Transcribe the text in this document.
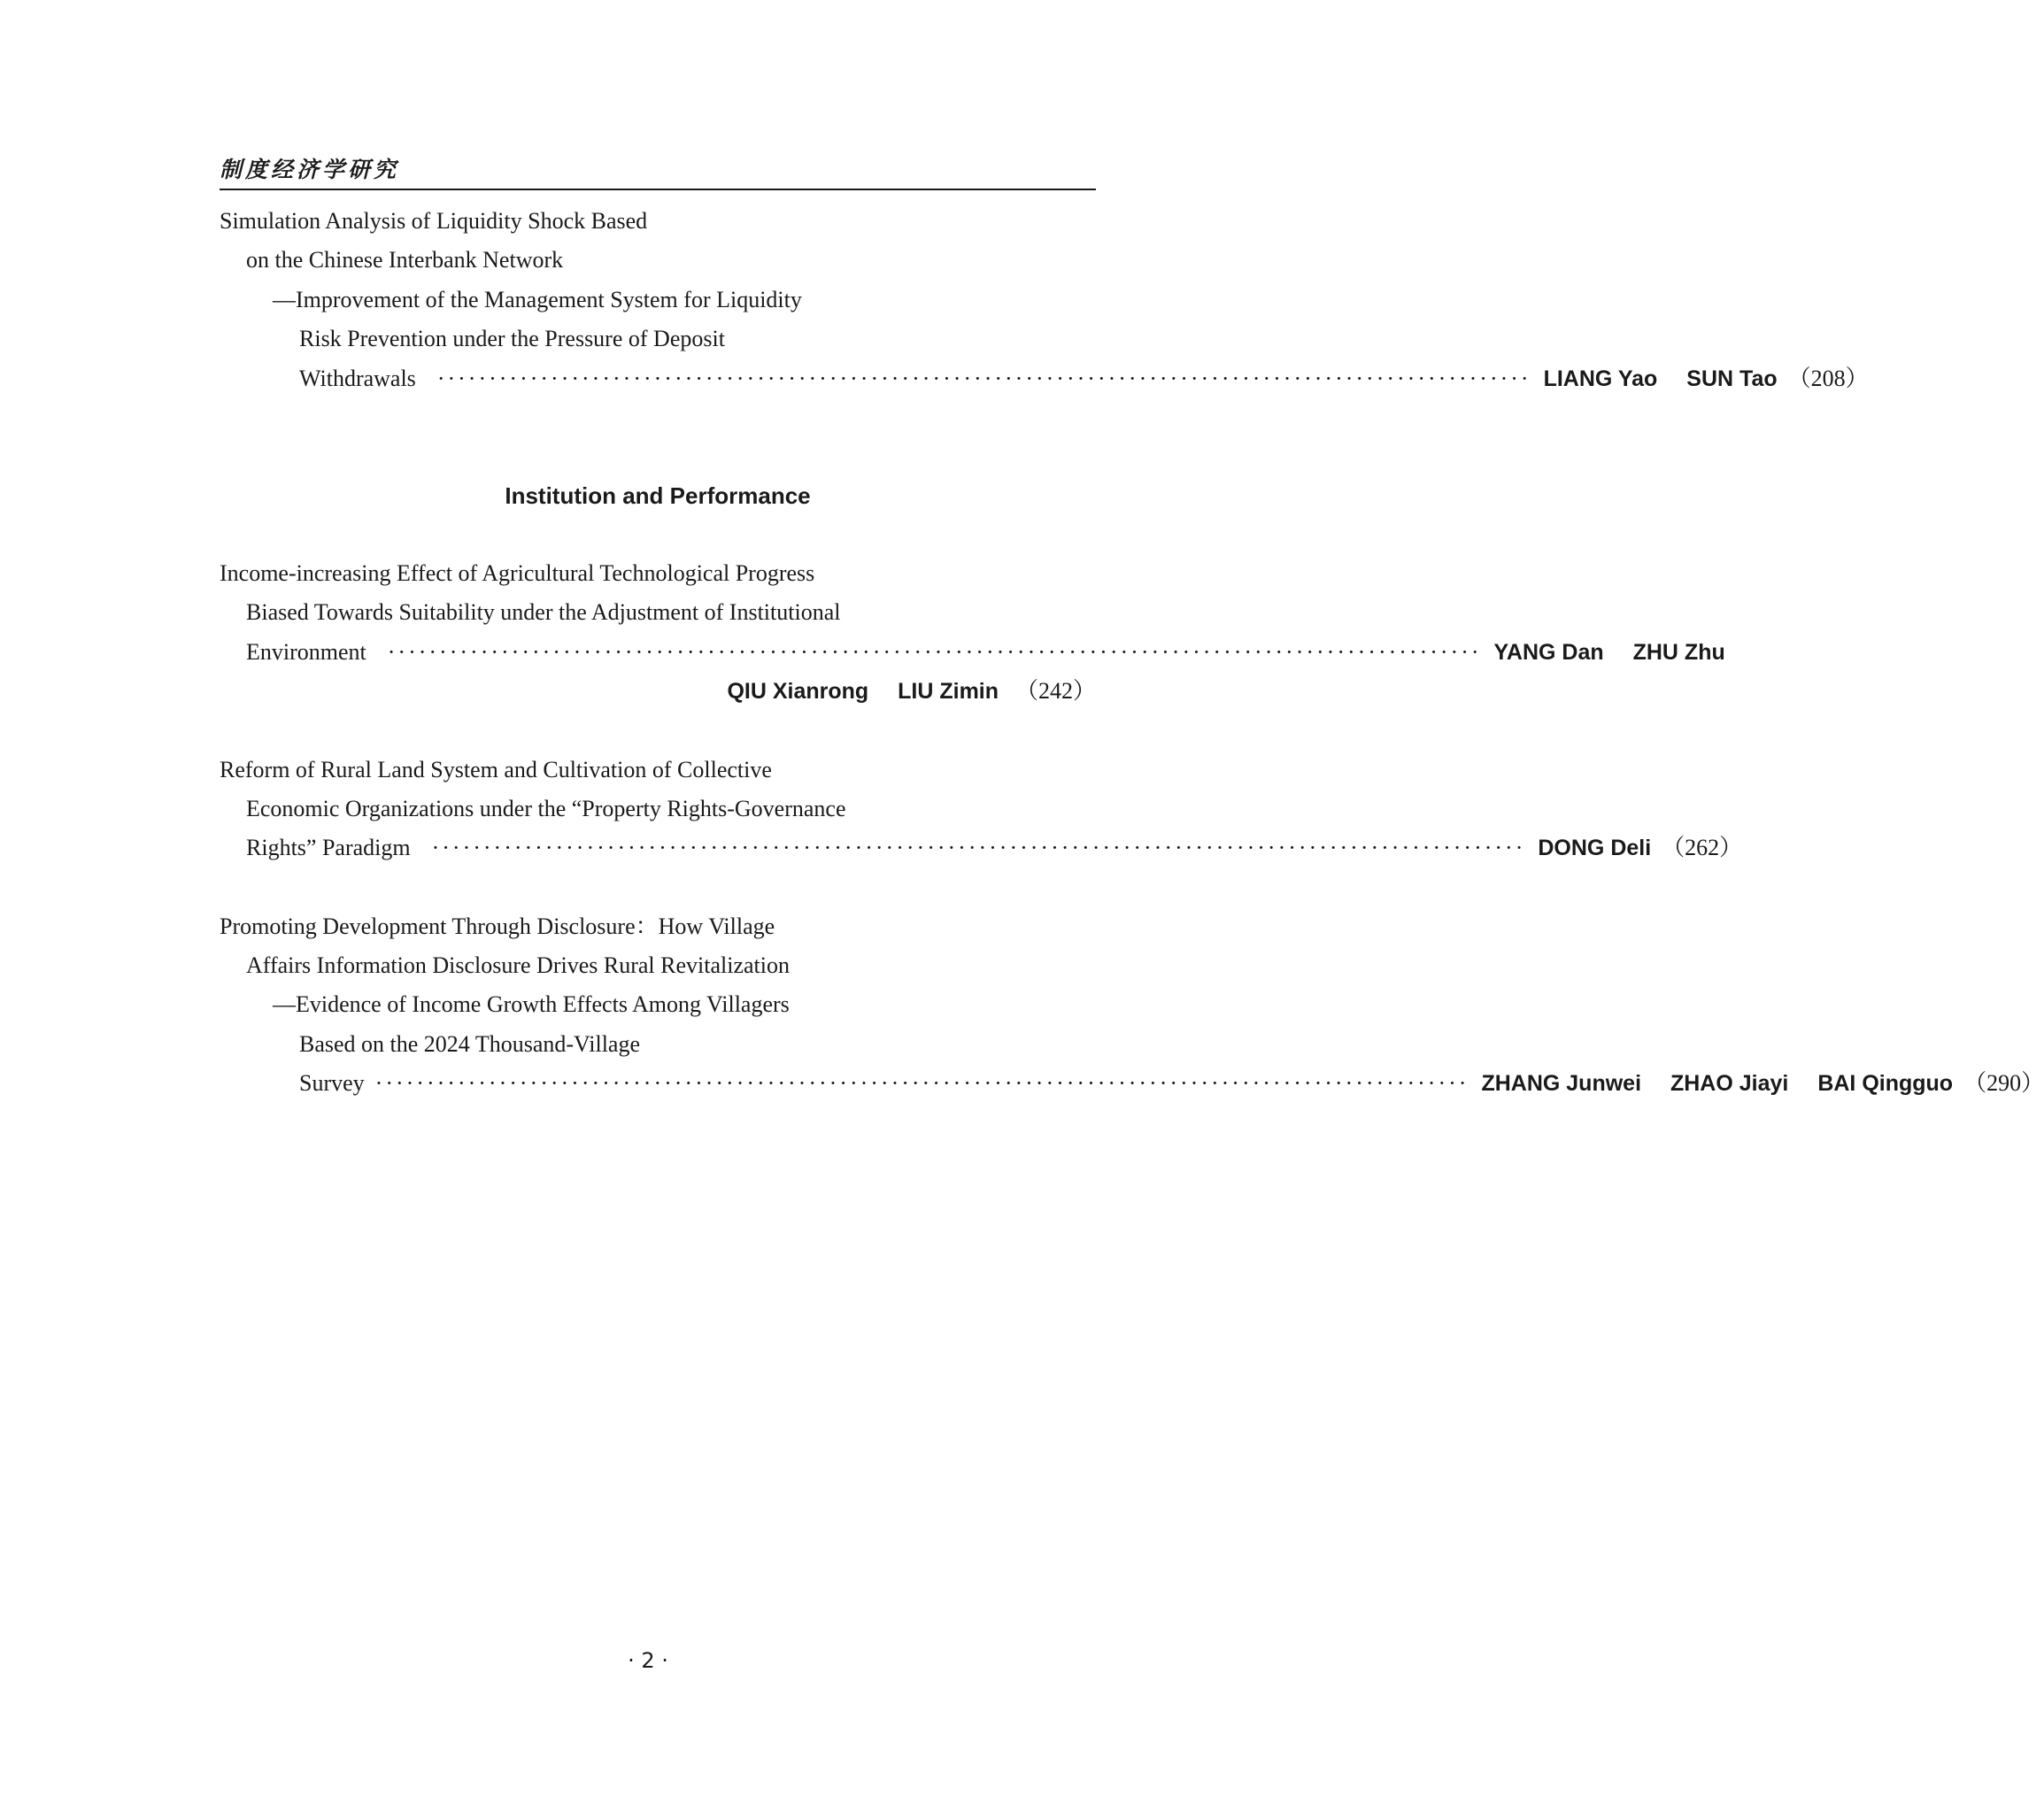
制度经济学研究
Simulation Analysis of Liquidity Shock Based
on the Chinese Interbank Network
—Improvement of the Management System for Liquidity
Risk Prevention under the Pressure of Deposit
Withdrawals ·········································································································· LIANG Yao SUN Tao （208）
Institution and Performance
Income-increasing Effect of Agricultural Technological Progress
Biased Towards Suitability under the Adjustment of Institutional
Environment ·········································································································· YANG Dan ZHU Zhu
QIU Xianrong LIU Zimin （242）
Reform of Rural Land System and Cultivation of Collective
Economic Organizations under the “Property Rights-Governance
Rights” Paradigm ·········································································································· DONG Deli （262）
Promoting Development Through Disclosure：How Village
Affairs Information Disclosure Drives Rural Revitalization
—Evidence of Income Growth Effects Among Villagers
Based on the 2024 Thousand-Village
Survey ·········································································································· ZHANG Junwei ZHAO Jiayi BAI Qingguo （290）
· 2 ·
